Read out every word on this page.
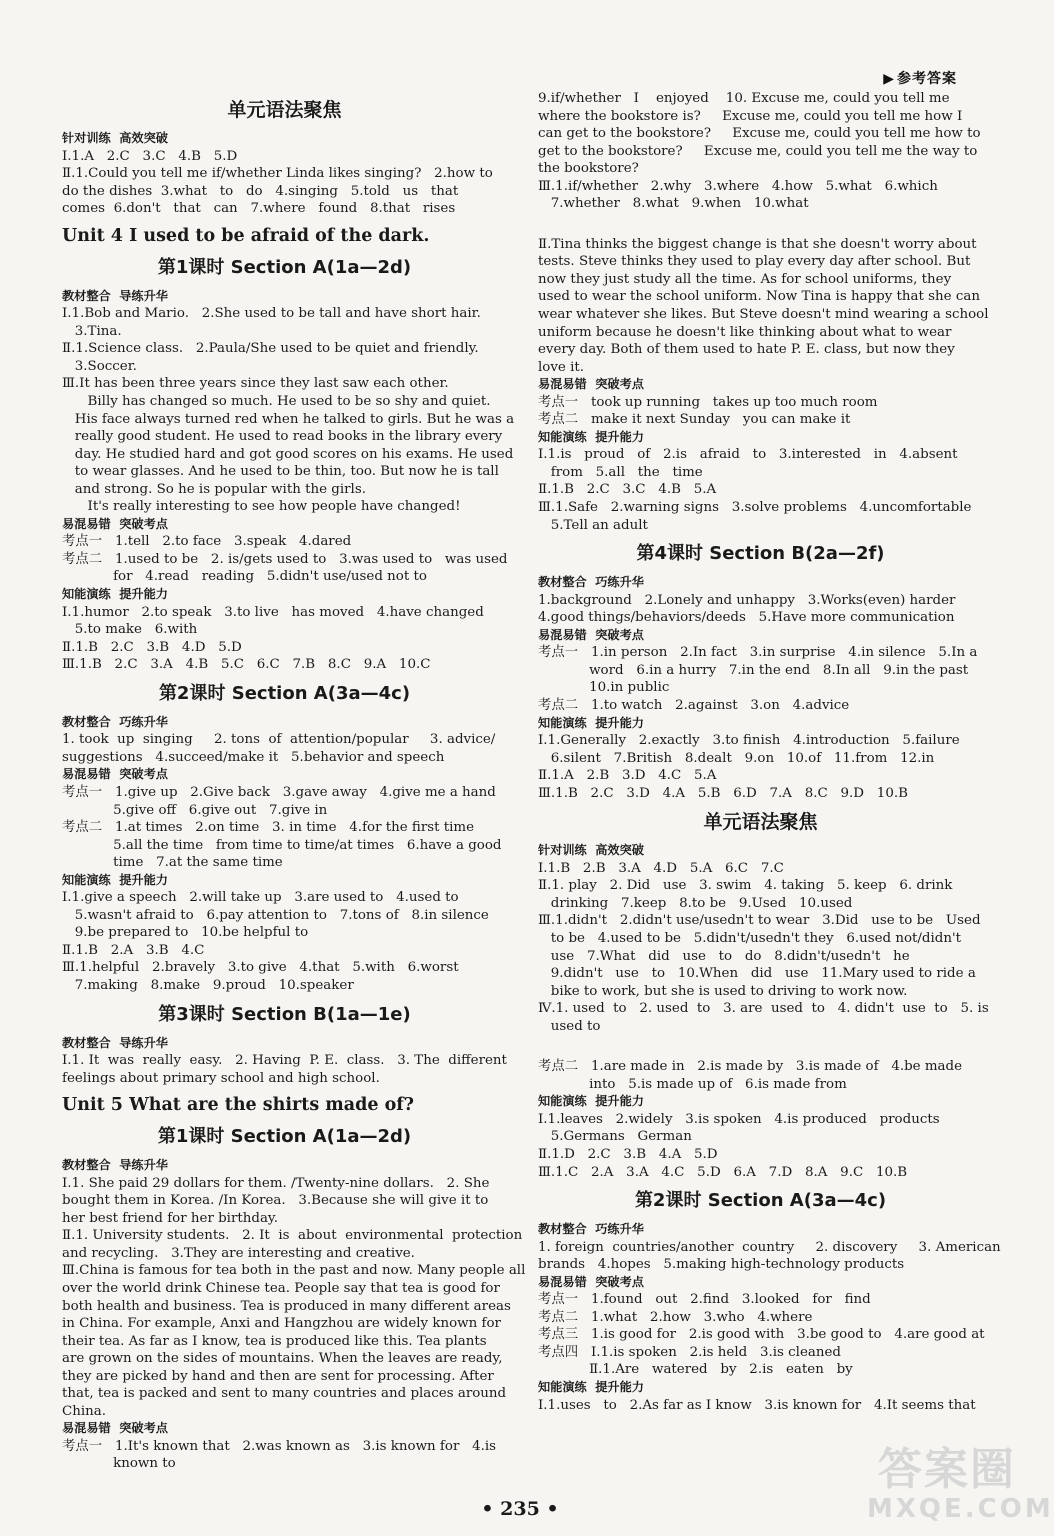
▶ 参考答案
单元语法聚焦
针对训练  高效突破
Ⅰ.1.A   2.C   3.C   4.B   5.D
Ⅱ.1.Could you tell me if/whether Linda likes singing?   2.how to
do the dishes  3.what   to   do   4.singing   5.told   us   that
comes  6.don't   that   can   7.where   found   8.that   rises
Unit 4 I used to be afraid of the dark.
第1课时 Section A(1a—2d)
教材整合  导练升华
Ⅰ.1.Bob and Mario.   2.She used to be tall and have short hair.
3.Tina.
Ⅱ.1.Science class.   2.Paula/She used to be quiet and friendly.
3.Soccer.
Ⅲ.It has been three years since they last saw each other.
Billy has changed so much. He used to be so shy and quiet.
His face always turned red when he talked to girls. But he was a
really good student. He used to read books in the library every
day. He studied hard and got good scores on his exams. He used
to wear glasses. And he used to be thin, too. But now he is tall
and strong. So he is popular with the girls.
It's really interesting to see how people have changed!
易混易错  突破考点
考点一   1.tell   2.to face   3.speak   4.dared
考点二   1.used to be   2. is/gets used to   3.was used to   was used
for   4.read   reading   5.didn't use/used not to
知能演练  提升能力
Ⅰ.1.humor   2.to speak   3.to live   has moved   4.have changed
5.to make   6.with
Ⅱ.1.B   2.C   3.B   4.D   5.D
Ⅲ.1.B   2.C   3.A   4.B   5.C   6.C   7.B   8.C   9.A   10.C
第2课时 Section A(3a—4c)
教材整合  巧练升华
1. took  up  singing     2. tons  of  attention/popular     3. advice/
suggestions   4.succeed/make it   5.behavior and speech
易混易错  突破考点
考点一   1.give up   2.Give back   3.gave away   4.give me a hand
5.give off   6.give out   7.give in
考点二   1.at times   2.on time   3. in time   4.for the first time
5.all the time   from time to time/at times   6.have a good
time   7.at the same time
知能演练  提升能力
Ⅰ.1.give a speech   2.will take up   3.are used to   4.used to
5.wasn't afraid to   6.pay attention to   7.tons of   8.in silence
9.be prepared to   10.be helpful to
Ⅱ.1.B   2.A   3.B   4.C
Ⅲ.1.helpful   2.bravely   3.to give   4.that   5.with   6.worst
7.making   8.make   9.proud   10.speaker
第3课时 Section B(1a—1e)
教材整合  导练升华
Ⅰ.1. It  was  really  easy.   2. Having  P. E.  class.   3. The  different
feelings about primary school and high school.
Unit 5 What are the shirts made of?
第1课时 Section A(1a—2d)
教材整合  导练升华
Ⅰ.1. She paid 29 dollars for them. /Twenty-nine dollars.   2. She
bought them in Korea. /In Korea.   3.Because she will give it to
her best friend for her birthday.
Ⅱ.1. University students.   2. It  is  about  environmental  protection
and recycling.   3.They are interesting and creative.
Ⅲ.China is famous for tea both in the past and now. Many people all
over the world drink Chinese tea. People say that tea is good for
both health and business. Tea is produced in many different areas
in China. For example, Anxi and Hangzhou are widely known for
their tea. As far as I know, tea is produced like this. Tea plants
are grown on the sides of mountains. When the leaves are ready,
they are picked by hand and then are sent for processing. After
that, tea is packed and sent to many countries and places around
China.
易混易错  突破考点
考点一   1.It's known that   2.was known as   3.is known for   4.is
known to
9.if/whether   I    enjoyed    10. Excuse me, could you tell me
where the bookstore is?     Excuse me, could you tell me how I
can get to the bookstore?     Excuse me, could you tell me how to
get to the bookstore?     Excuse me, could you tell me the way to
the bookstore?
Ⅲ.1.if/whether   2.why   3.where   4.how   5.what   6.which
7.whether   8.what   9.when   10.what
Ⅱ.Tina thinks the biggest change is that she doesn't worry about
tests. Steve thinks they used to play every day after school. But
now they just study all the time. As for school uniforms, they
used to wear the school uniform. Now Tina is happy that she can
wear whatever she likes. But Steve doesn't mind wearing a school
uniform because he doesn't like thinking about what to wear
every day. Both of them used to hate P. E. class, but now they
love it.
易混易错  突破考点
考点一   took up running   takes up too much room
考点二   make it next Sunday   you can make it
知能演练  提升能力
Ⅰ.1.is   proud   of   2.is   afraid   to   3.interested   in   4.absent
from   5.all   the   time
Ⅱ.1.B   2.C   3.C   4.B   5.A
Ⅲ.1.Safe   2.warning signs   3.solve problems   4.uncomfortable
5.Tell an adult
第4课时 Section B(2a—2f)
教材整合  巧练升华
1.background   2.Lonely and unhappy   3.Works(even) harder
4.good things/behaviors/deeds   5.Have more communication
易混易错  突破考点
考点一   1.in person   2.In fact   3.in surprise   4.in silence   5.In a
word   6.in a hurry   7.in the end   8.In all   9.in the past
10.in public
考点二   1.to watch   2.against   3.on   4.advice
知能演练  提升能力
Ⅰ.1.Generally   2.exactly   3.to finish   4.introduction   5.failure
6.silent   7.British   8.dealt   9.on   10.of   11.from   12.in
Ⅱ.1.A   2.B   3.D   4.C   5.A
Ⅲ.1.B   2.C   3.D   4.A   5.B   6.D   7.A   8.C   9.D   10.B
单元语法聚焦
针对训练  高效突破
Ⅰ.1.B   2.B   3.A   4.D   5.A   6.C   7.C
Ⅱ.1. play   2. Did   use   3. swim   4. taking   5. keep   6. drink
drinking   7.keep   8.to be   9.Used   10.used
Ⅲ.1.didn't   2.didn't use/usedn't to wear   3.Did   use to be   Used
to be   4.used to be   5.didn't/usedn't they   6.used not/didn't
use   7.What   did   use   to   do   8.didn't/usedn't   he
9.didn't   use   to   10.When   did   use   11.Mary used to ride a
bike to work, but she is used to driving to work now.
Ⅳ.1. used  to   2. used  to   3. are  used  to   4. didn't  use  to   5. is
used to
考点二   1.are made in   2.is made by   3.is made of   4.be made
into   5.is made up of   6.is made from
知能演练  提升能力
Ⅰ.1.leaves   2.widely   3.is spoken   4.is produced   products
5.Germans   German
Ⅱ.1.D   2.C   3.B   4.A   5.D
Ⅲ.1.C   2.A   3.A   4.C   5.D   6.A   7.D   8.A   9.C   10.B
第2课时 Section A(3a—4c)
教材整合  巧练升华
1. foreign  countries/another  country     2. discovery     3. American
brands   4.hopes   5.making high-technology products
易混易错  突破考点
考点一   1.found   out   2.find   3.looked   for   find
考点二   1.what   2.how   3.who   4.where
考点三   1.is good for   2.is good with   3.be good to   4.are good at
考点四   Ⅰ.1.is spoken   2.is held   3.is cleaned
Ⅱ.1.Are   watered   by   2.is   eaten   by
知能演练  提升能力
Ⅰ.1.uses   to   2.As far as I know   3.is known for   4.It seems that
• 235 •
答案圈
MXQE.COM
